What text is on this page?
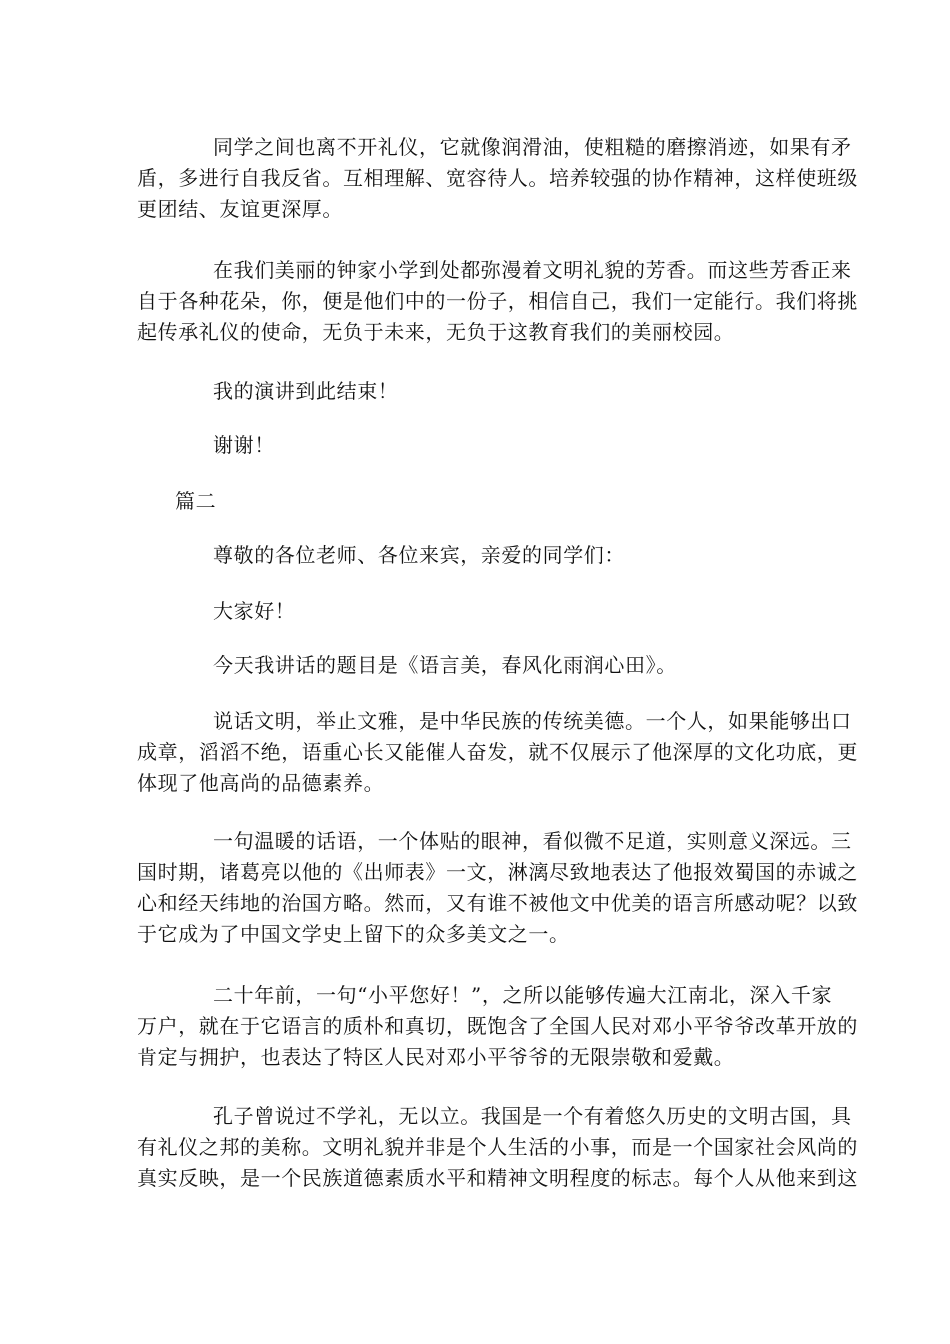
同学之间也离不开礼仪，它就像润滑油，使粗糙的磨擦消迹，如果有矛
盾，多进行自我反省。互相理解、宽容待人。培养较强的协作精神，这样使班级
更团结、友谊更深厚。

在我们美丽的钟家小学到处都弥漫着文明礼貌的芳香。而这些芳香正来
自于各种花朵，你，便是他们中的一份子，相信自己，我们一定能行。我们将挑
起传承礼仪的使命，无负于未来，无负于这教育我们的美丽校园。

我的演讲到此结束！

谢谢！

篇二

尊敬的各位老师、各位来宾，亲爱的同学们：

大家好！

今天我讲话的题目是《语言美，春风化雨润心田》。

说话文明，举止文雅，是中华民族的传统美德。一个人，如果能够出口
成章，滔滔不绝，语重心长又能催人奋发，就不仅展示了他深厚的文化功底，更
体现了他高尚的品德素养。

一句温暖的话语，一个体贴的眼神，看似微不足道，实则意义深远。三
国时期，诸葛亮以他的《出师表》一文，淋漓尽致地表达了他报效蜀国的赤诚之
心和经天纬地的治国方略。然而，又有谁不被他文中优美的语言所感动呢？以致
于它成为了中国文学史上留下的众多美文之一。

二十年前，一句“小平您好！”，之所以能够传遍大江南北，深入千家
万户，就在于它语言的质朴和真切，既饱含了全国人民对邓小平爷爷改革开放的
肯定与拥护，也表达了特区人民对邓小平爷爷的无限崇敬和爱戴。

孔子曾说过不学礼，无以立。我国是一个有着悠久历史的文明古国，具
有礼仪之邦的美称。文明礼貌并非是个人生活的小事，而是一个国家社会风尚的
真实反映，是一个民族道德素质水平和精神文明程度的标志。每个人从他来到这
